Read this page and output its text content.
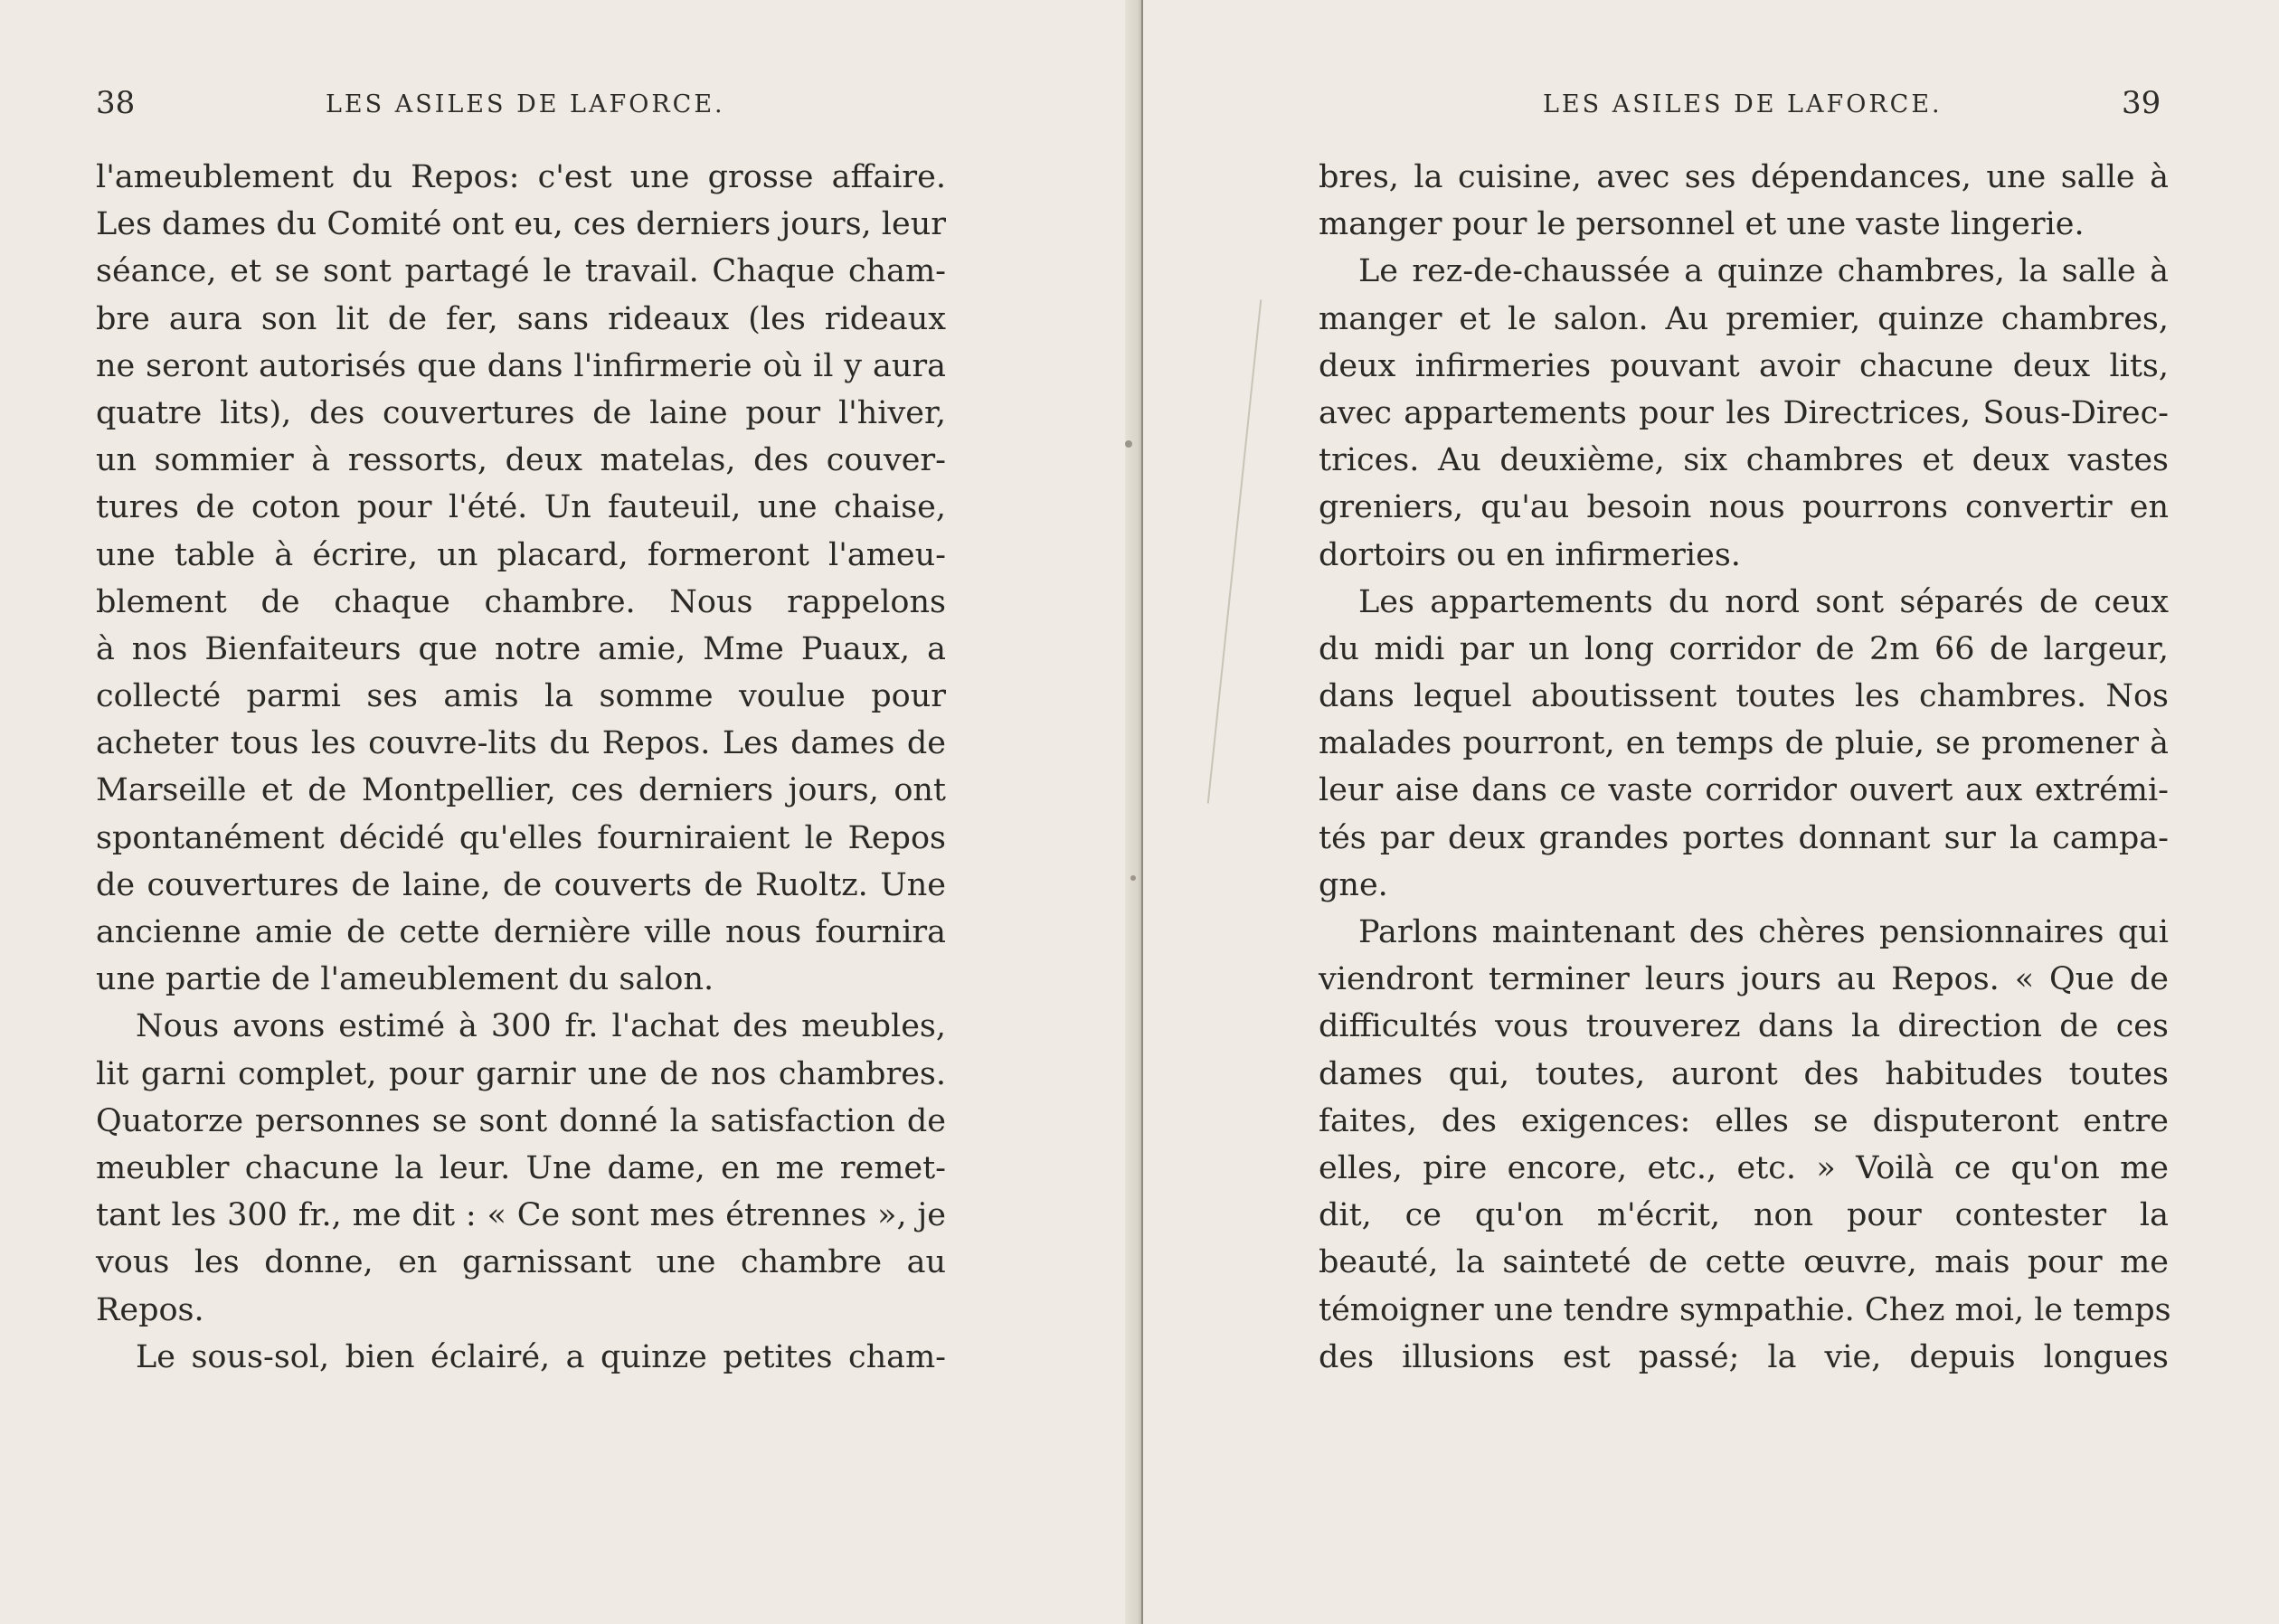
38	LES ASILES DE LAFORCE.
l'ameublement du Repos: c'est une grosse affaire.
Les dames du Comité ont eu, ces derniers jours, leur
séance, et se sont partagé le travail. Chaque cham-
bre aura son lit de fer, sans rideaux (les rideaux
ne seront autorisés que dans l'infirmerie où il y aura
quatre lits), des couvertures de laine pour l'hiver,
un sommier à ressorts, deux matelas, des couver-
tures de coton pour l'été. Un fauteuil, une chaise,
une table à écrire, un placard, formeront l'ameu-
blement de chaque chambre. Nous rappelons
à nos Bienfaiteurs que notre amie, Mme Puaux, a
collecté parmi ses amis la somme voulue pour
acheter tous les couvre-lits du Repos. Les dames de
Marseille et de Montpellier, ces derniers jours, ont
spontanément décidé qu'elles fourniraient le Repos
de couvertures de laine, de couverts de Ruoltz. Une
ancienne amie de cette dernière ville nous fournira
une partie de l'ameublement du salon.
Nous avons estimé à 300 fr. l'achat des meubles,
lit garni complet, pour garnir une de nos chambres.
Quatorze personnes se sont donné la satisfaction de
meubler chacune la leur. Une dame, en me remet-
tant les 300 fr., me dit : « Ce sont mes étrennes », je
vous les donne, en garnissant une chambre au
Repos.
Le sous-sol, bien éclairé, a quinze petites cham-
LES ASILES DE LAFORCE.	39
bres, la cuisine, avec ses dépendances, une salle à
manger pour le personnel et une vaste lingerie.
Le rez-de-chaussée a quinze chambres, la salle à
manger et le salon. Au premier, quinze chambres,
deux infirmeries pouvant avoir chacune deux lits,
avec appartements pour les Directrices, Sous-Direc-
trices. Au deuxième, six chambres et deux vastes
greniers, qu'au besoin nous pourrons convertir en
dortoirs ou en infirmeries.
Les appartements du nord sont séparés de ceux
du midi par un long corridor de 2m 66 de largeur,
dans lequel aboutissent toutes les chambres. Nos
malades pourront, en temps de pluie, se promener à
leur aise dans ce vaste corridor ouvert aux extrémi-
tés par deux grandes portes donnant sur la campa-
gne.
Parlons maintenant des chères pensionnaires qui
viendront terminer leurs jours au Repos. « Que de
difficultés vous trouverez dans la direction de ces
dames qui, toutes, auront des habitudes toutes
faites, des exigences: elles se disputeront entre
elles, pire encore, etc., etc. » Voilà ce qu'on me
dit, ce qu'on m'écrit, non pour contester la
beauté, la sainteté de cette œuvre, mais pour me
témoigner une tendre sympathie. Chez moi, le temps
des illusions est passé; la vie, depuis longues
